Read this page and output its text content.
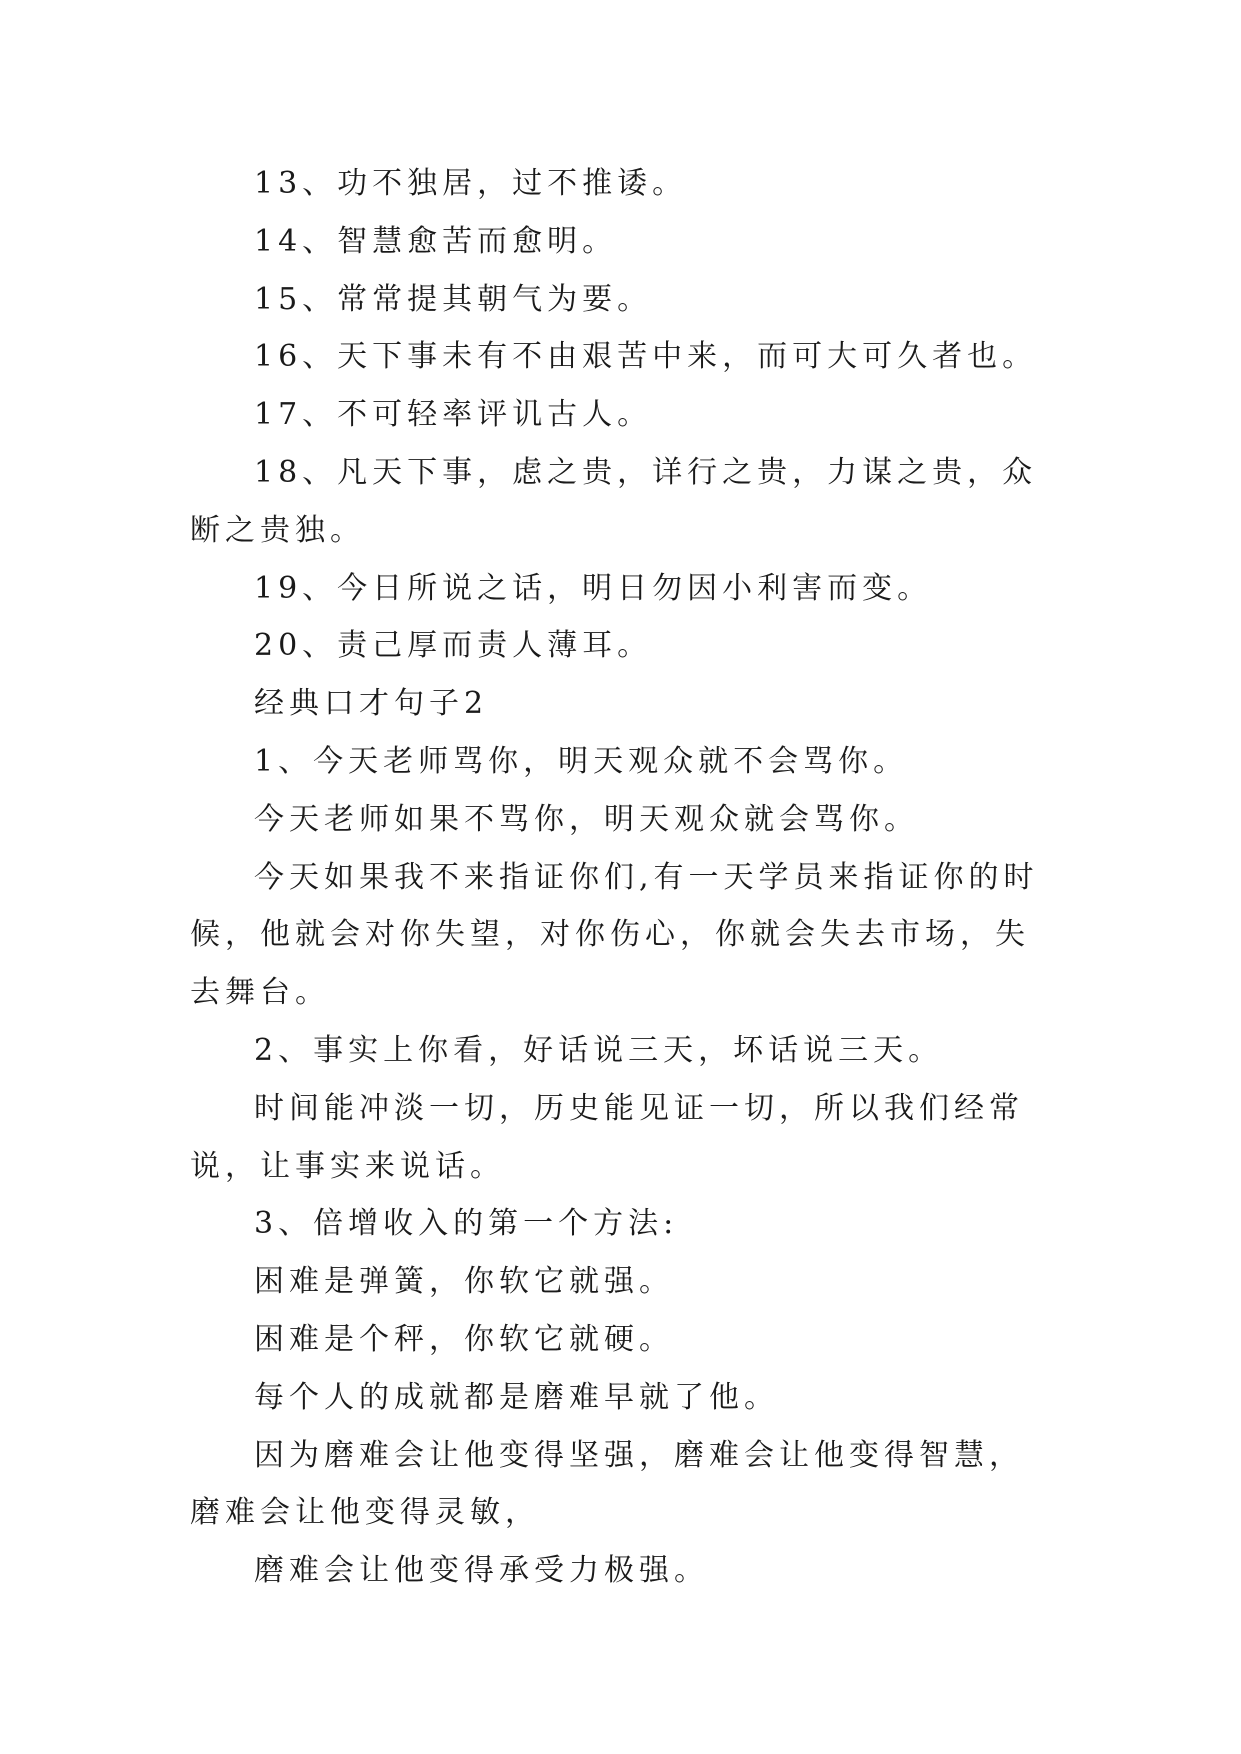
13、功不独居，过不推诿。

14、智慧愈苦而愈明。

15、常常提其朝气为要。

16、天下事未有不由艰苦中来，而可大可久者也。

17、不可轻率评讥古人。

18、凡天下事，虑之贵，详行之贵，力谋之贵，众断之贵独。

19、今日所说之话，明日勿因小利害而变。

20、责己厚而责人薄耳。

经典口才句子2

1、今天老师骂你，明天观众就不会骂你。

今天老师如果不骂你，明天观众就会骂你。

今天如果我不来指证你们,有一天学员来指证你的时候，他就会对你失望，对你伤心，你就会失去市场，失去舞台。

2、事实上你看，好话说三天，坏话说三天。

时间能冲淡一切，历史能见证一切，所以我们经常说，让事实来说话。

3、倍增收入的第一个方法:

困难是弹簧，你软它就强。

困难是个秤，你软它就硬。

每个人的成就都是磨难早就了他。

因为磨难会让他变得坚强，磨难会让他变得智慧，磨难会让他变得灵敏，

磨难会让他变得承受力极强。
